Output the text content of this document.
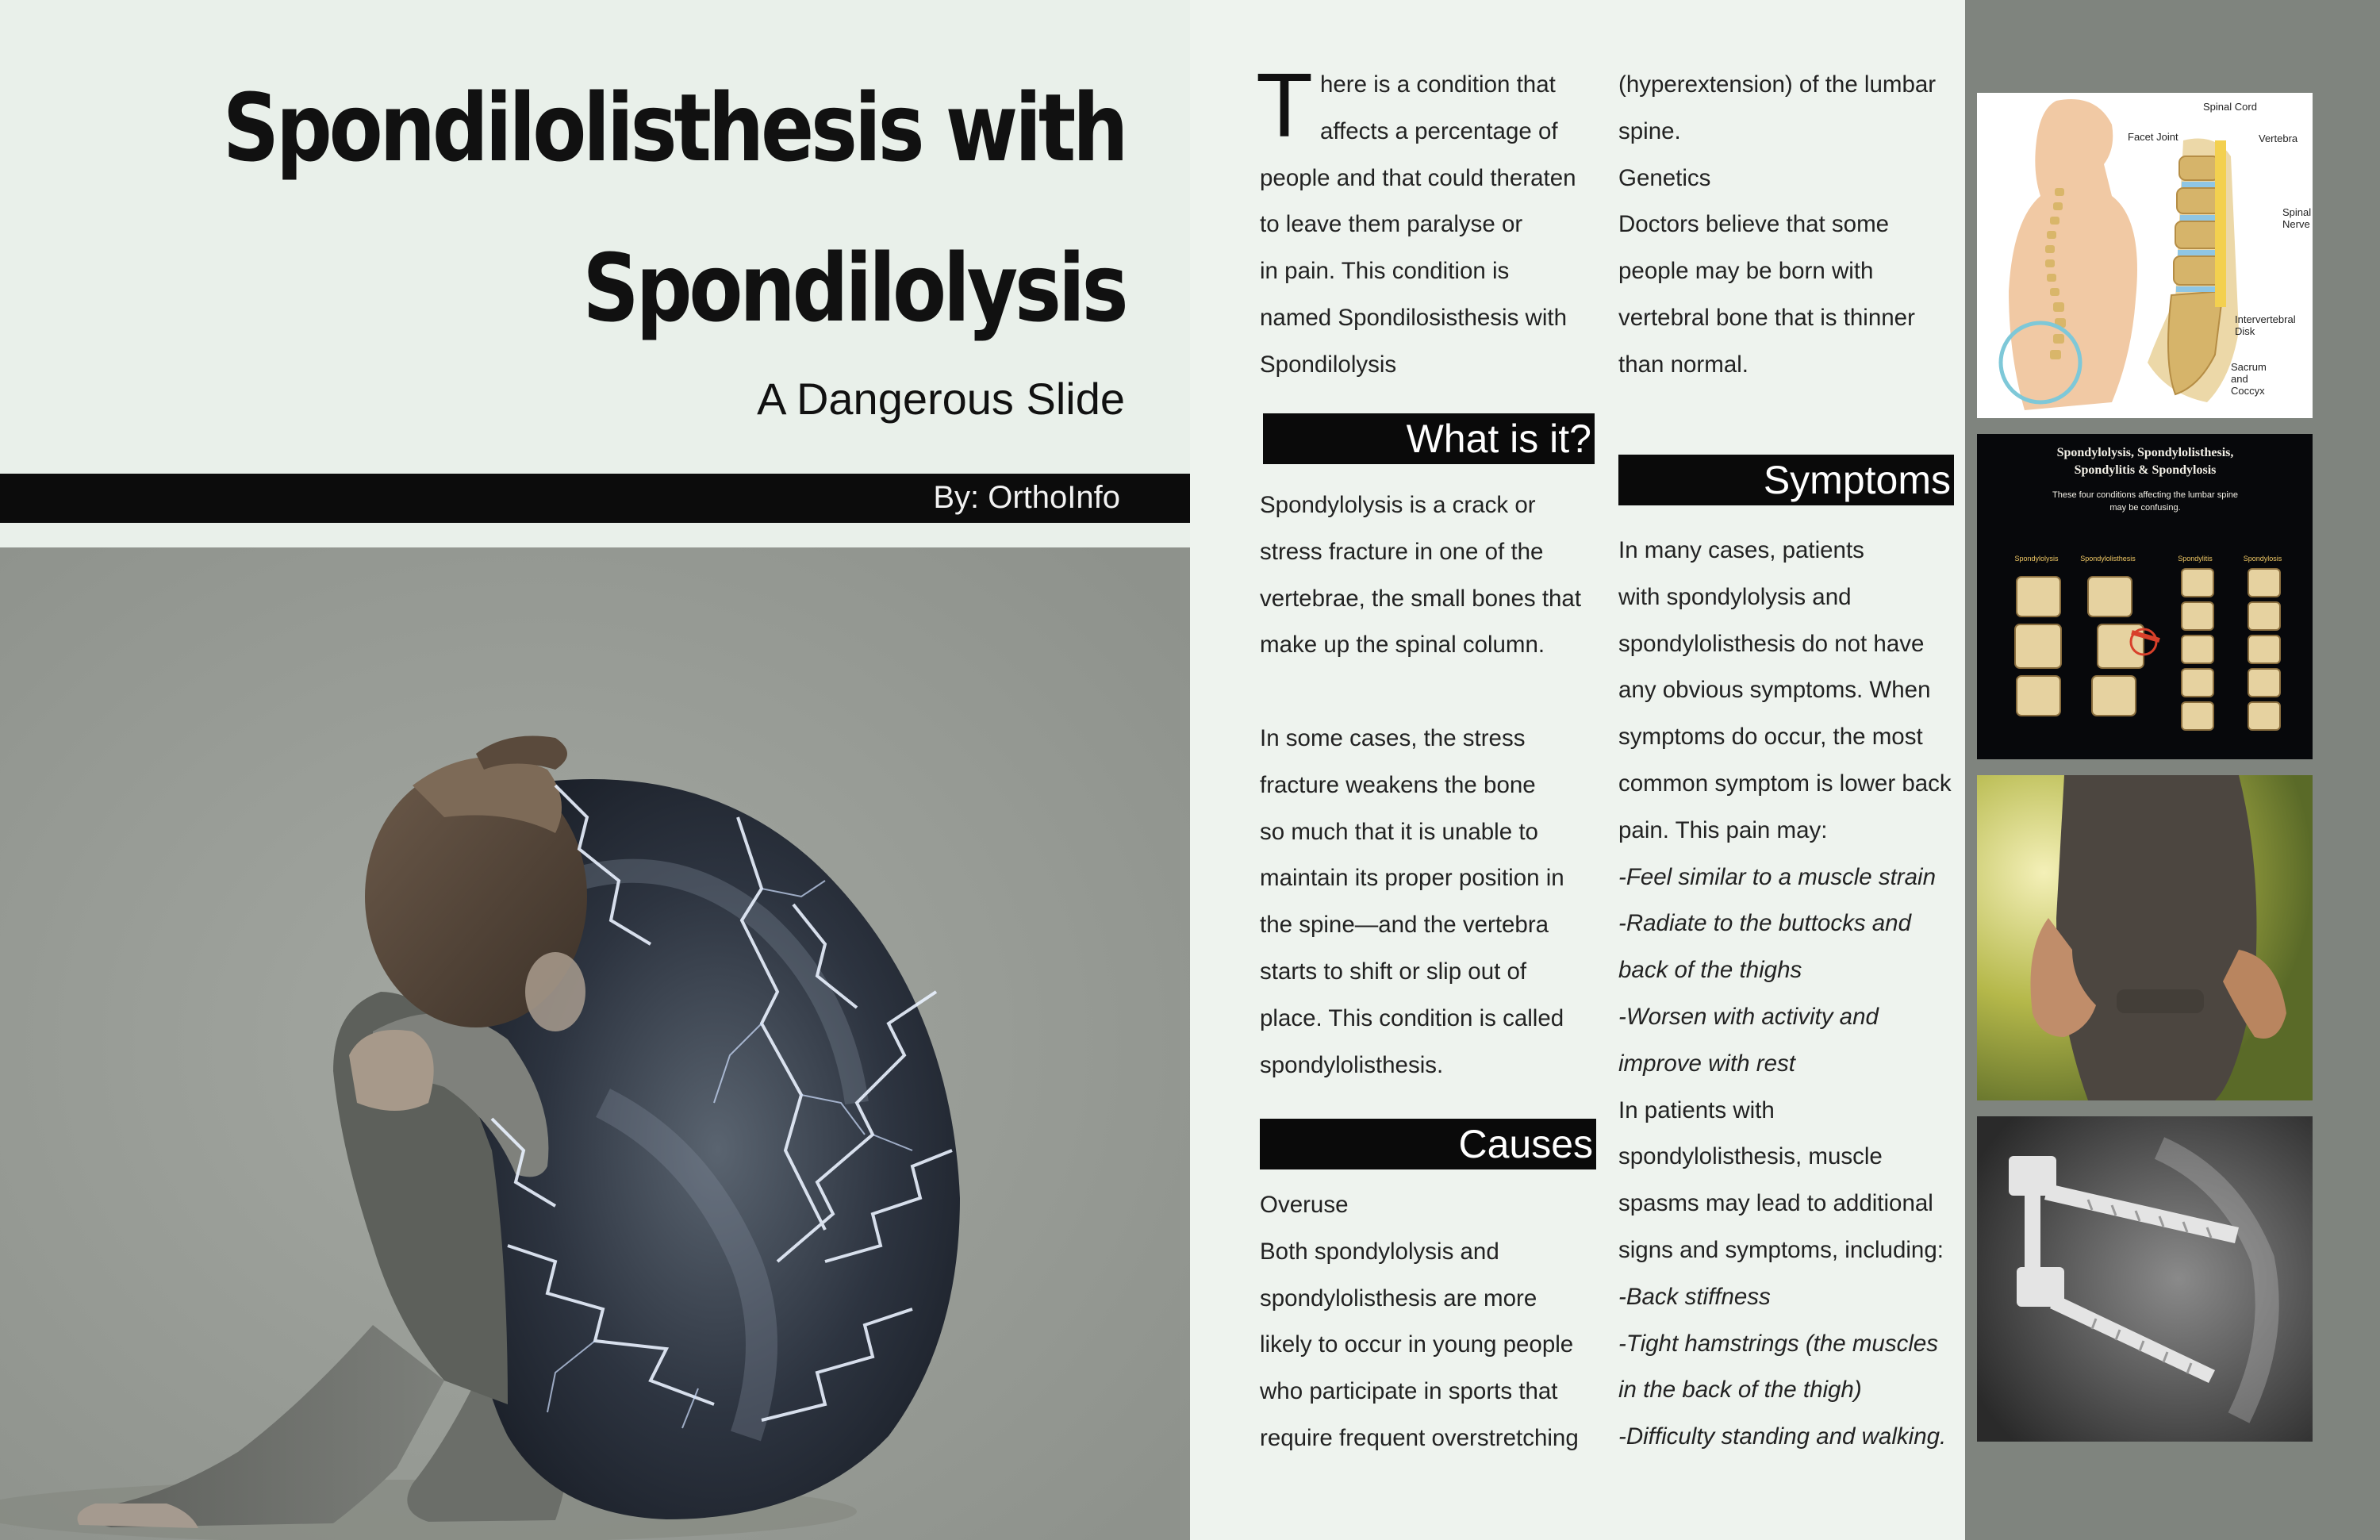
Spondilolisthesis with
Spondilolysis
A Dangerous Slide
By: OrthoInfo
T here is a condition that
affects a percentage of
people and that could theraten
to leave them paralyse or
in pain. This condition is
named Spondilosisthesis with
Spondilolysis
What is it?
Spondylolysis is a crack or
stress fracture in one of the
vertebrae, the small bones that
make up the spinal column.
In some cases, the stress
fracture weakens the bone
so much that it is unable to
maintain its proper position in
the spine—and the vertebra
starts to shift or slip out of
place. This condition is called
spondylolisthesis.
Causes
Overuse
Both spondylolysis and
spondylolisthesis are more
likely to occur in young people
who participate in sports that
require frequent overstretching
(hyperextension) of the lumbar
spine.
Genetics
Doctors believe that some
people may be born with
vertebral bone that is thinner
than normal.
Symptoms
In many cases, patients
with spondylolysis and
spondylolisthesis do not have
any obvious symptoms. When
symptoms do occur, the most
common symptom is lower back
pain. This pain may:
-Feel similar to a muscle strain
-Radiate to the buttocks and
back of the thighs
-Worsen with activity and
improve with rest
In patients with
spondylolisthesis, muscle
spasms may lead to additional
signs and symptoms, including:
-Back stiffness
-Tight hamstrings (the muscles
in the back of the thigh)
-Difficulty standing and walking.
Spinal Cord
Facet Joint	Vertebra
Spinal
Nerve
Intervertebral
Disk
Sacrum
and
Coccyx
Spondylolysis, Spondylolisthesis,
Spondylitis & Spondylosis
These four conditions affecting the lumbar spine
may be confusing.
Spondylolysis	Spondylolisthesis	Spondylitis	Spondylosis
